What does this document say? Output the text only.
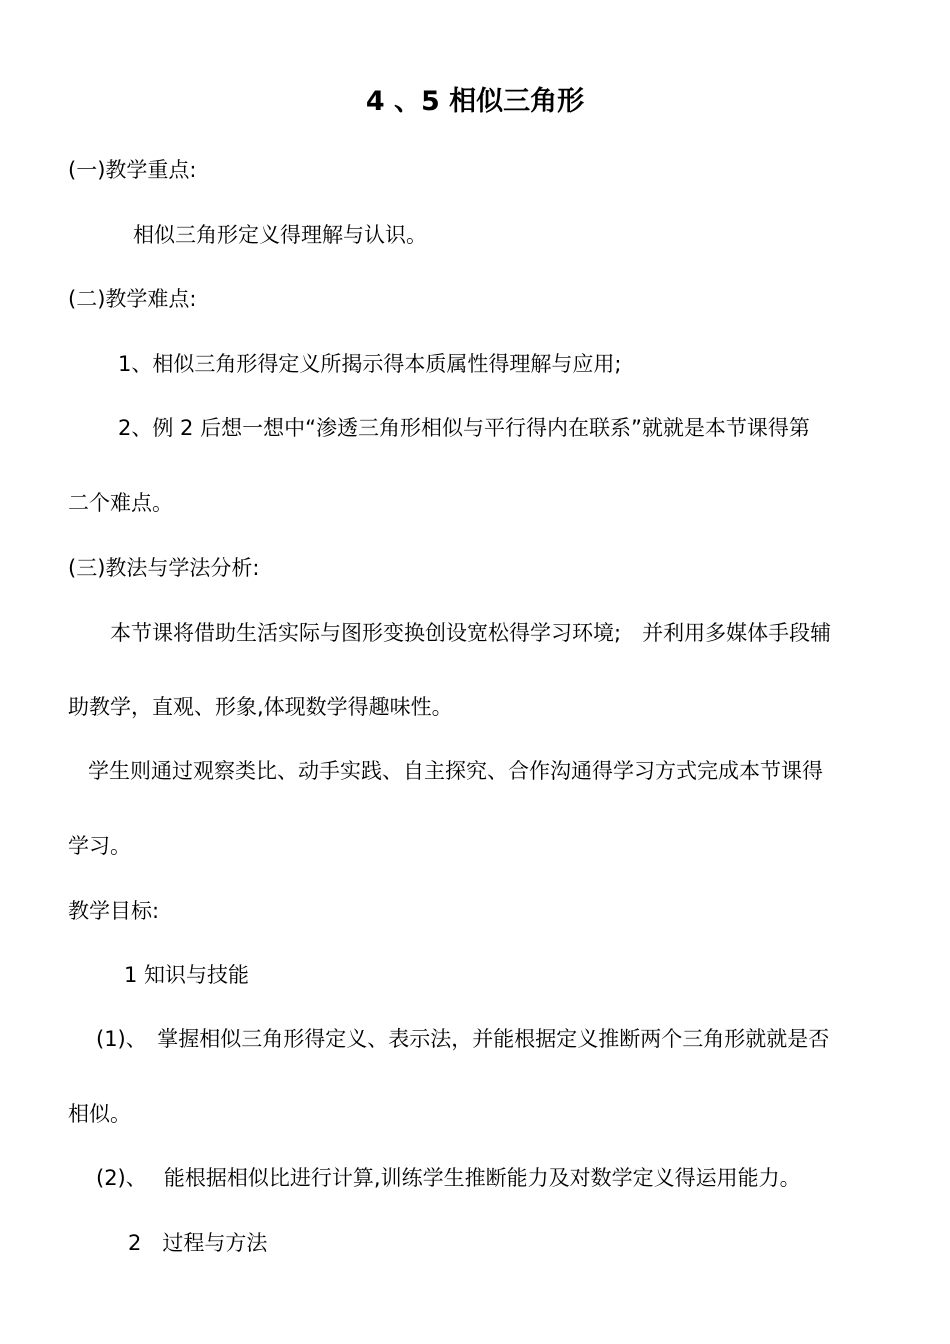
4 、5 相似三角形
(一)教学重点:
相似三角形定义得理解与认识。
(二)教学难点:
1、相似三角形得定义所揭示得本质属性得理解与应用;
2、例 2 后想一想中“渗透三角形相似与平行得内在联系”就就是本节课得第
二个难点。
(三)教法与学法分析:
本节课将借助生活实际与图形变换创设宽松得学习环境;　并利用多媒体手段辅
助教学，直观、形象,体现数学得趣味性。
学生则通过观察类比、动手实践、自主探究、合作沟通得学习方式完成本节课得
学习。
教学目标:
1 知识与技能
(1)、　掌握相似三角形得定义、表示法，并能根据定义推断两个三角形就就是否
相似。
(2)、　 能根据相似比进行计算,训练学生推断能力及对数学定义得运用能力。
2　过程与方法
